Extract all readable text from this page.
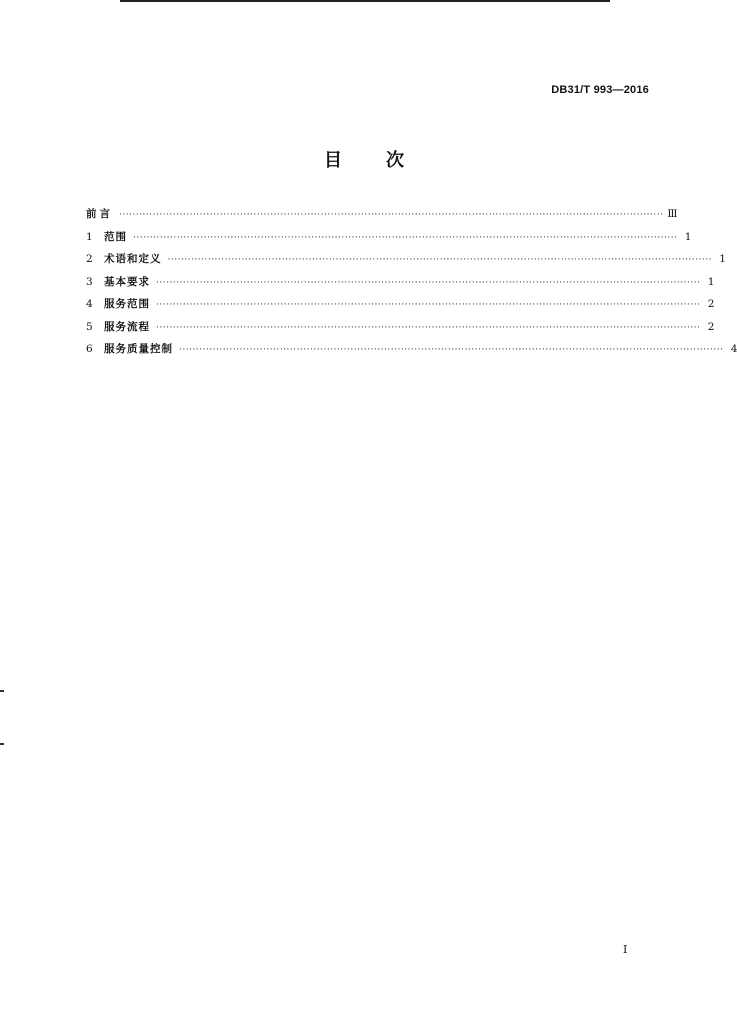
DB31/T 993—2016
目 次
前言 ·································································································································································· Ⅲ
1	范围 ·································································································································································· 1
2	术语和定义 ·································································································································································· 1
3	基本要求 ·································································································································································· 1
4	服务范围 ·································································································································································· 2
5	服务流程 ·································································································································································· 2
6	服务质量控制 ·································································································································································· 4
I
